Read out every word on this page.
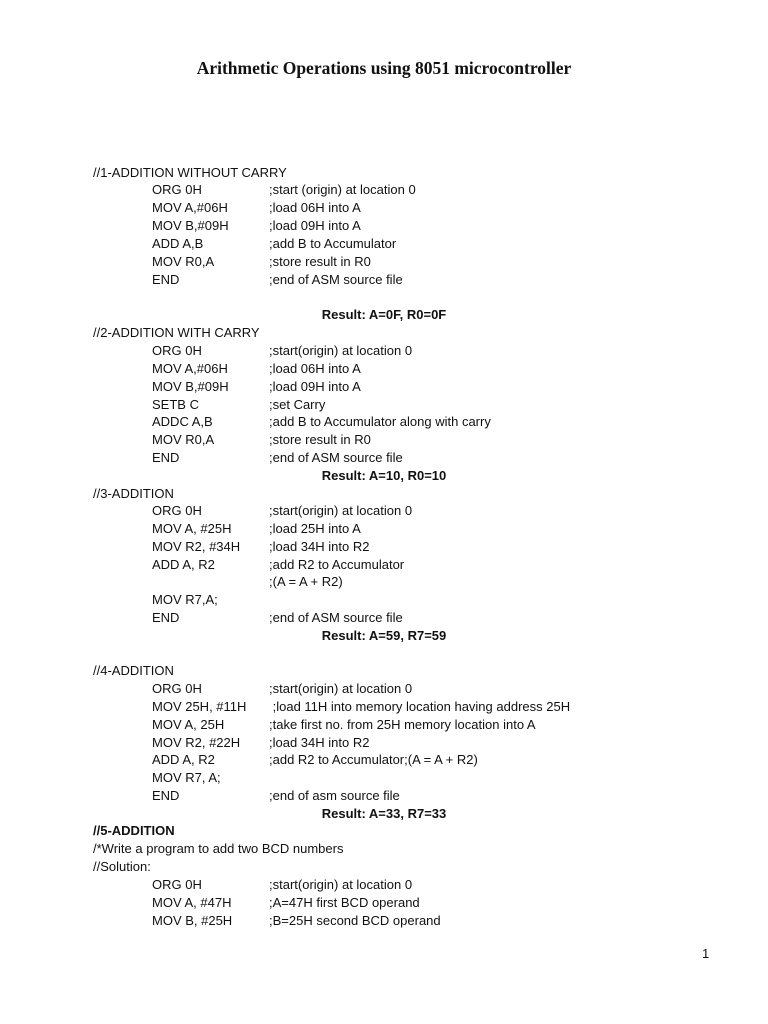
Arithmetic Operations using 8051 microcontroller
//1-ADDITION WITHOUT CARRY
ORG 0H	;start (origin) at location 0
MOV A,#06H	;load 06H into A
MOV B,#09H	;load 09H into A
ADD A,B	;add B to Accumulator
MOV R0,A	;store result in R0
END	;end of ASM source file
Result: A=0F, R0=0F
//2-ADDITION WITH CARRY
ORG 0H	;start(origin) at location 0
MOV A,#06H	;load 06H into A
MOV B,#09H	;load 09H into A
SETB C	;set Carry
ADDC A,B	;add B to Accumulator along with carry
MOV R0,A	;store result in R0
END	;end of ASM source file
Result: A=10, R0=10
//3-ADDITION
ORG 0H	;start(origin) at location 0
MOV A, #25H	;load 25H into A
MOV R2, #34H ;load 34H into R2
ADD A, R2	;add R2 to Accumulator
;(A = A + R2)
MOV R7,A;
END	;end of ASM source file
Result: A=59, R7=59
//4-ADDITION
ORG 0H	;start(origin) at location 0
MOV 25H, #11H ;load 11H into memory location having address 25H
MOV A, 25H	;take first no. from 25H memory location into A
MOV R2, #22H ;load 34H into R2
ADD A, R2	;add R2 to Accumulator;(A = A + R2)
MOV R7, A;
END	;end of asm source file
Result: A=33, R7=33
//5-ADDITION
/*Write a program to add two BCD numbers
//Solution:
ORG 0H	;start(origin) at location 0
MOV A, #47H	;A=47H first BCD operand
MOV B, #25H	;B=25H second BCD operand
1
